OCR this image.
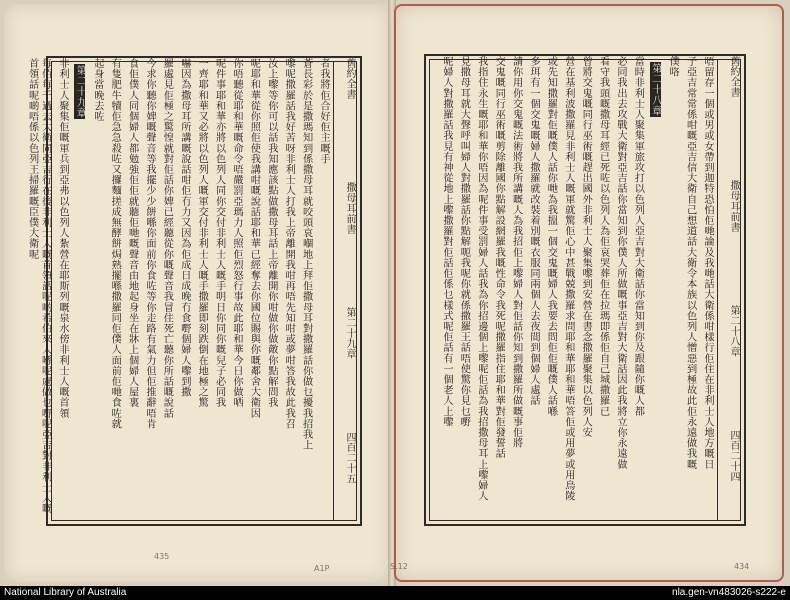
舊約全書  撒母耳前書  第二十九章  四百二十五
者我將佢合好佢主嘅手
蒼長彩於是撒瑪知到係撒母耳就咬頭哀嗰地上拜佢撒母耳對撒羅話你做乜擾我招我上
嚟呢撒羅話我好苦呀非利士人打我上帝離開我咁再唔先知咁或夢咁答我故此我召
汝上嚟等你可以話我知應該點做撒母耳話上帝離開你咁做你做敵你點解問我
呢耶和華從你照佢使我講咁嘅說話耶和華已經奪去你國位賜與你嘅鄰舍大衛因
你唔聽從耶和華嘅命令唔嚴罰亞瑪力人照佢烈怒行事故此耶和華今日你做哂
呢件事耶和華亦將以色列人同你交付非利士人嘅手明日你同你嘅兒子必同我
一齊耶和華又必將以色列人嘅軍交付非利士人嘅手撒羅即刻跌倒在地極之驚
嚇因為撒母耳所講嘅說話咁佢冇力又因為佢成日成晚冇食嘢個婦人嚟到撒
羅處見佢極之驚惶就對佢話你婢已經聽從你嘅聲音我冒住死亡聽你所話嘅說話
今求你聽你婢嘅聲音等我擺少少餅喺你面前你食咗等你走路有氣力但佢推辭唔肯
食佢僕人同個婦人都勉強佢佢就聽佢哋嘅聲音由地起身坐在牀上個婦人屋裏
有隻肥牛犢佢急急殺咗又攞麵搓成無酵餅焗熟擺喺撒羅同佢僕人面前佢哋食咗就
起身當晚去咗
第二十九章
非利士人聚集佢嘅軍兵到亞弗以色列人紮營在耶斯列嘅泉水傍非利士人嘅首領
每佰每千過去大衛同亞吉行在後非利士人嘅首領話呢啲希伯來人喺呢處做乜嘢呢亞吉對非利士人嘅首領話呢啲唔係以色列王掃羅嘅臣僕大衛呢
435
A1P
舊約全書  撒母耳前書  第二十八章  四百二十四
唔留存一個或男或女帶到迦特恐怕佢哋論及我哋話大衛係咁樣行佢住在非利士人地方嘅日
子亞吉常常係咁嘅亞吉信大衛自己想道話大衛令本族以色列人憎惡到極故此佢永遠做我嘅
僕咯
第二十八章
當時非利士人聚集軍旅攻打以色列人亞吉對大衛話你當知到你及跟隨你嘅人都
必同我出去攻戰大衛對亞吉話你當知到你僕人所做嘅事亞吉對大衛話因此我將立你永遠做
看守我頭嘅撒母耳經已死咗以色列人為佢哀哭葬佢在拉瑪即係佢自己城撒羅已
曾將交鬼嘅同行巫術嘅趕出國外非利士人聚集嚟到安營在書念撒羅聚集以色列人安
營在基利波撒羅見非利士人嘅軍就驚佢心中甚戰兢撒羅求問耶和華耶和華唔答佢或用夢或用烏陵
或先知撒羅對佢嘅僕人話你哋為我搵一個交鬼嘅婦人我要去問佢佢嘅僕人話喺
多珥有一個交鬼嘅婦人撒羅就改裝着別嘅衣服同兩個人去夜間到個婦人處話
請你用你交鬼嘅法術將我所講嘅人為我招佢上嚟婦人對佢話你知到撒羅所做嘅事佢將
交鬼嘅同行巫術嘅剪除離國你點解設網羅我嘅性命令我死呢撒羅指住耶和華對佢發誓話
我指住永生嘅耶和華你唔因為呢件事受罰婦人話我為你招邊個上嚟呢佢話為我招撒母耳上嚟婦人
見撒母耳就大聲呼叫婦人對撒羅話你點解呃我呢你就係撒羅王話唔使驚你見乜嘢
呢婦人對撒羅話我見有神從地上嚟撒羅對佢話佢係乜樣式呢佢話有一個老人上嚟
S.12	434
National Library of Australia	nla.gen-vn483026-s222-e
